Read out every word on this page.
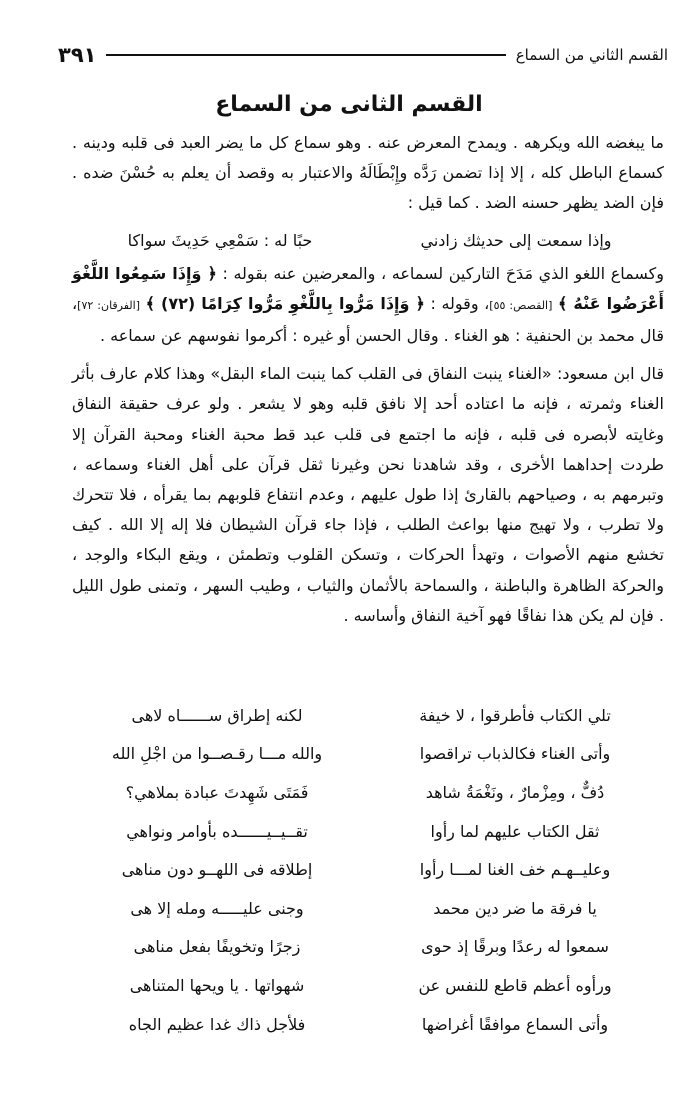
القسم الثاني من السماع
٣٩١
القسم الثانى من السماع

ما يبغضه الله ويكرهه . ويمدح المعرض عنه . وهو سماع كل ما يضر العبد فى قلبه ودينه . كسماع الباطل كله ، إلا إذا تضمن رَدَّه وإِبْطَالَهُ والاعتبار به وقصد أن يعلم به حُسْنَ ضده . فإن الضد يظهر حسنه الضد . كما قيل :

وإذا سمعت إلى حديثك زادني
حبًا له : سَمْعِي حَدِيثَ سواكا

وكسماع اللغو الذي مَدَحَ التاركين لسماعه ، والمعرضين عنه بقوله : ﴿ وَإِذَا سَمِعُوا اللَّغْوَ أَعْرَضُوا عَنْهُ ﴾ [القصص: ٥٥]، وقوله : ﴿ وَإِذَا مَرُّوا بِاللَّغْوِ مَرُّوا كِرَامًا (٧٢) ﴾ [الفرقان: ٧٢]، قال محمد بن الحنفية : هو الغناء . وقال الحسن أو غيره : أكرموا نفوسهم عن سماعه .

قال ابن مسعود: «الغناء ينبت النفاق فى القلب كما ينبت الماء البقل» وهذا كلام عارف بأثر الغناء وثمرته ، فإنه ما اعتاده أحد إلا نافق قلبه وهو لا يشعر . ولو عرف حقيقة النفاق وغايته لأبصره فى قلبه ، فإنه ما اجتمع فى قلب عبد قط محبة الغناء ومحبة القرآن إلا طردت إحداهما الأخرى ، وقد شاهدنا نحن وغيرنا ثقل قرآن على أهل الغناء وسماعه ، وتبرمهم به ، وصياحهم بالقارئ إذا طول عليهم ، وعدم انتفاع قلوبهم بما يقرأه ، فلا تتحرك ولا تطرب ، ولا تهيج منها بواعث الطلب ، فإذا جاء قرآن الشيطان فلا إله إلا الله . كيف تخشع منهم الأصوات ، وتهدأ الحركات ، وتسكن القلوب وتطمئن ، ويقع البكاء والوجد ، والحركة الظاهرة والباطنة ، والسماحة بالأثمان والثياب ، وطيب السهر ، وتمنى طول الليل . فإن لم يكن هذا نفاقًا فهو آخية النفاق وأساسه .

تلي الكتاب فأطرقوا ، لا خيفة
لكنه إطراق ســــــاه لاهى
وأتى الغناء فكالذباب تراقصوا
والله مـــا رقـصــوا من اجْلِ الله
دُفٌّ ، ومِزْمارٌ ، ونَغْمَةُ شاهد
فَمَتَى شَهِدتَ عبادة بملاهي؟
ثقل الكتاب عليهم لما رأوا
تقــيــيــــــده بأوامر ونواهي
وعليــهـم خف الغنا لمـــا رأوا
إطلاقه فى اللهــو دون مناهى
يا فرقة ما ضر دين محمد
وجنى عليـــــه ومله إلا هى
سمعوا له رعدًا وبرقًا إذ حوى
زجرًا وتخويفًا بفعل مناهى
ورأوه أعظم قاطع للنفس عن
شهواتها . يا ويحها المتناهى
وأتى السماع موافقًا أغراضها
فلأجل ذاك غدا عظيم الجاه
